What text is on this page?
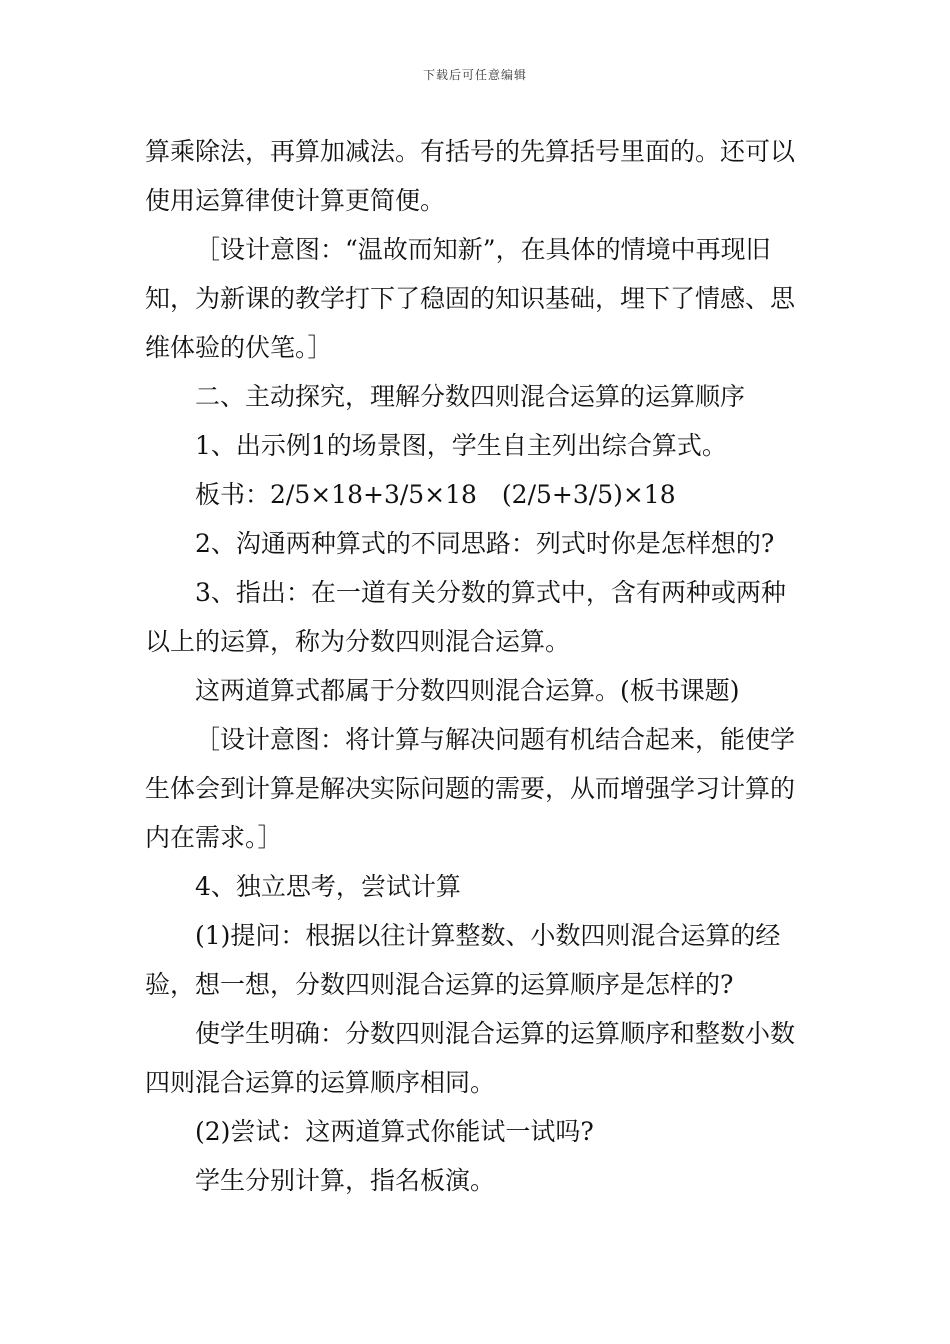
下载后可任意编辑

算乘除法，再算加减法。有括号的先算括号里面的。还可以使用运算律使计算更简便。

［设计意图：“温故而知新”，在具体的情境中再现旧知，为新课的教学打下了稳固的知识基础，埋下了情感、思维体验的伏笔。］

二、主动探究，理解分数四则混合运算的运算顺序

1、出示例1的场景图，学生自主列出综合算式。

板书：2/5×18+3/5×18　(2/5+3/5)×18

2、沟通两种算式的不同思路：列式时你是怎样想的?

3、指出：在一道有关分数的算式中，含有两种或两种以上的运算，称为分数四则混合运算。

这两道算式都属于分数四则混合运算。(板书课题)

［设计意图：将计算与解决问题有机结合起来，能使学生体会到计算是解决实际问题的需要，从而增强学习计算的内在需求。］

4、独立思考，尝试计算

(1)提问：根据以往计算整数、小数四则混合运算的经验，想一想，分数四则混合运算的运算顺序是怎样的?

使学生明确：分数四则混合运算的运算顺序和整数小数四则混合运算的运算顺序相同。

(2)尝试：这两道算式你能试一试吗?

学生分别计算，指名板演。
